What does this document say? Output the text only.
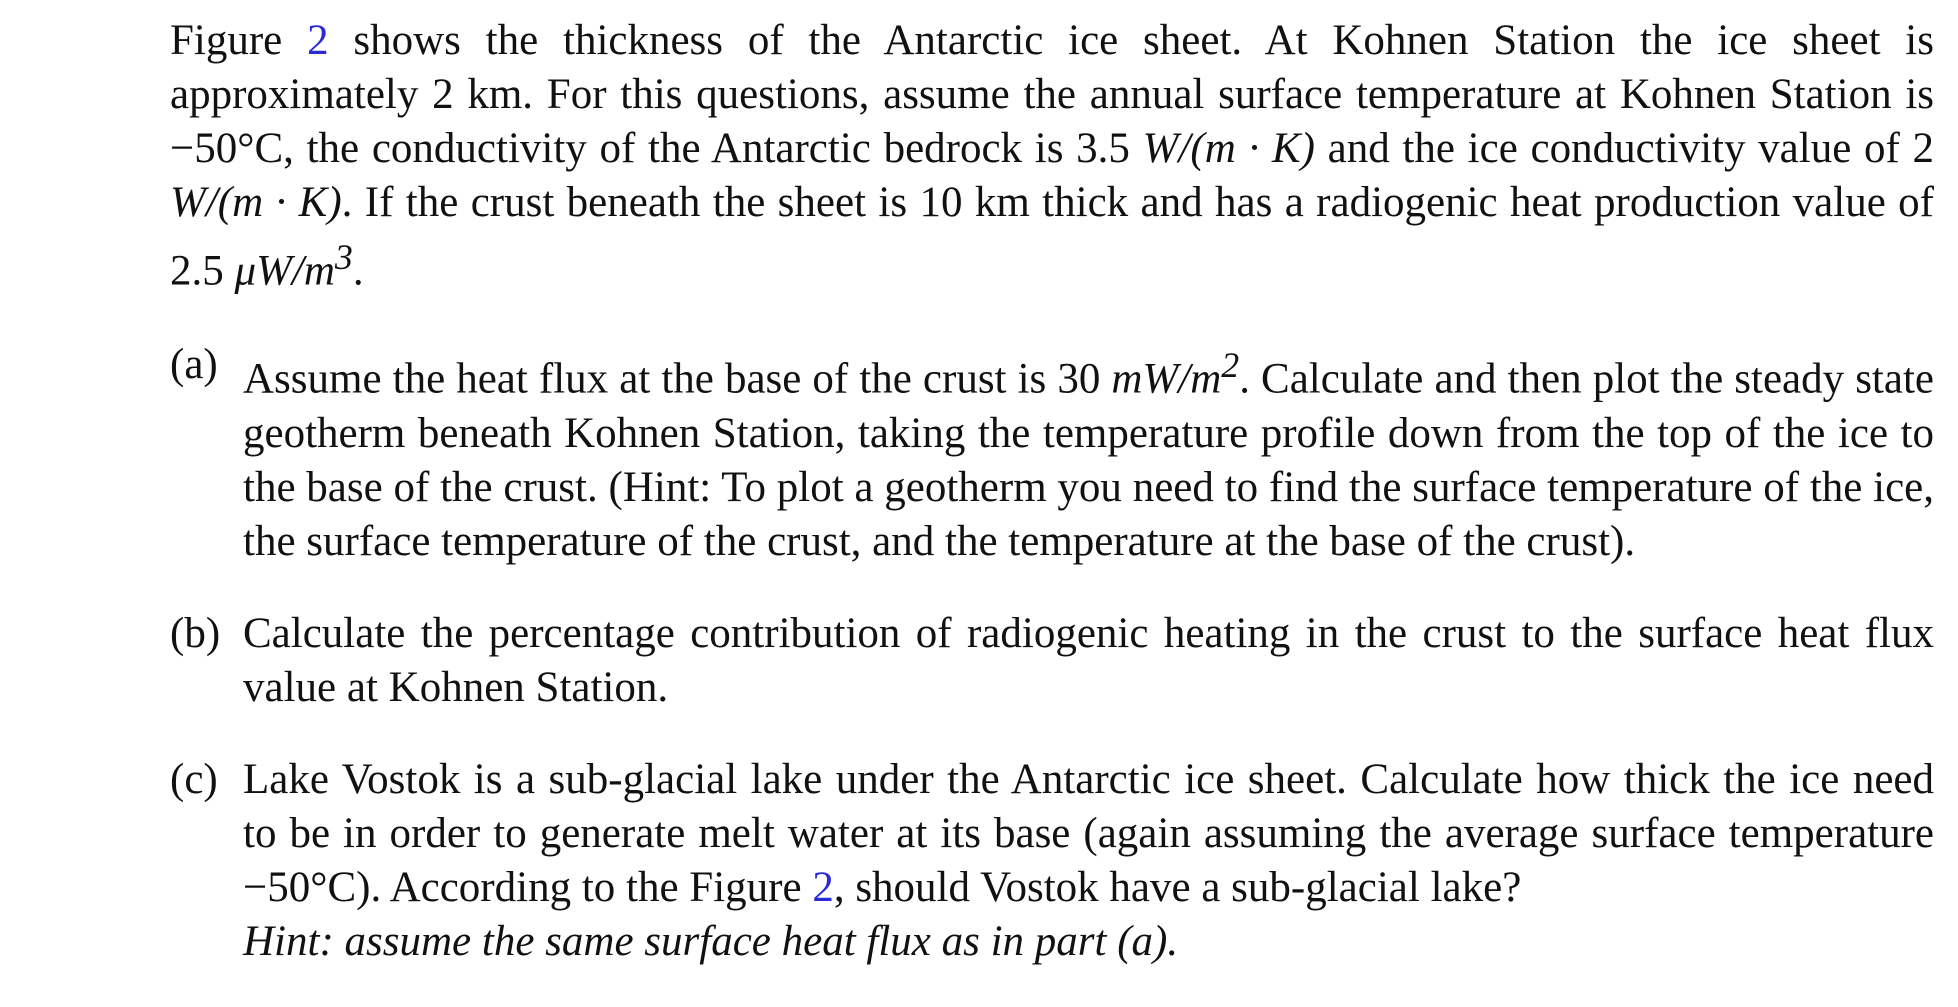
Figure 2 shows the thickness of the Antarctic ice sheet. At Kohnen Station the ice sheet is approximately 2 km. For this questions, assume the annual surface temperature at Kohnen Station is −50°C, the conductivity of the Antarctic bedrock is 3.5 W/(m · K) and the ice conductivity value of 2 W/(m · K). If the crust beneath the sheet is 10 km thick and has a radiogenic heat production value of 2.5 $\mu W/m^3$.

(a) Assume the heat flux at the base of the crust is 30 $mW/m^2$. Calculate and then plot the steady state geotherm beneath Kohnen Station, taking the temperature profile down from the top of the ice to the base of the crust. (Hint: To plot a geotherm you need to find the surface temperature of the ice, the surface temperature of the crust, and the temperature at the base of the crust).
(b) Calculate the percentage contribution of radiogenic heating in the crust to the surface heat flux value at Kohnen Station.
(c) Lake Vostok is a sub-glacial lake under the Antarctic ice sheet. Calculate how thick the ice need to be in order to generate melt water at its base (again assuming the average surface temperature −50°C). According to the Figure 2, should Vostok have a sub-glacial lake?
Hint: assume the same surface heat flux as in part (a).
